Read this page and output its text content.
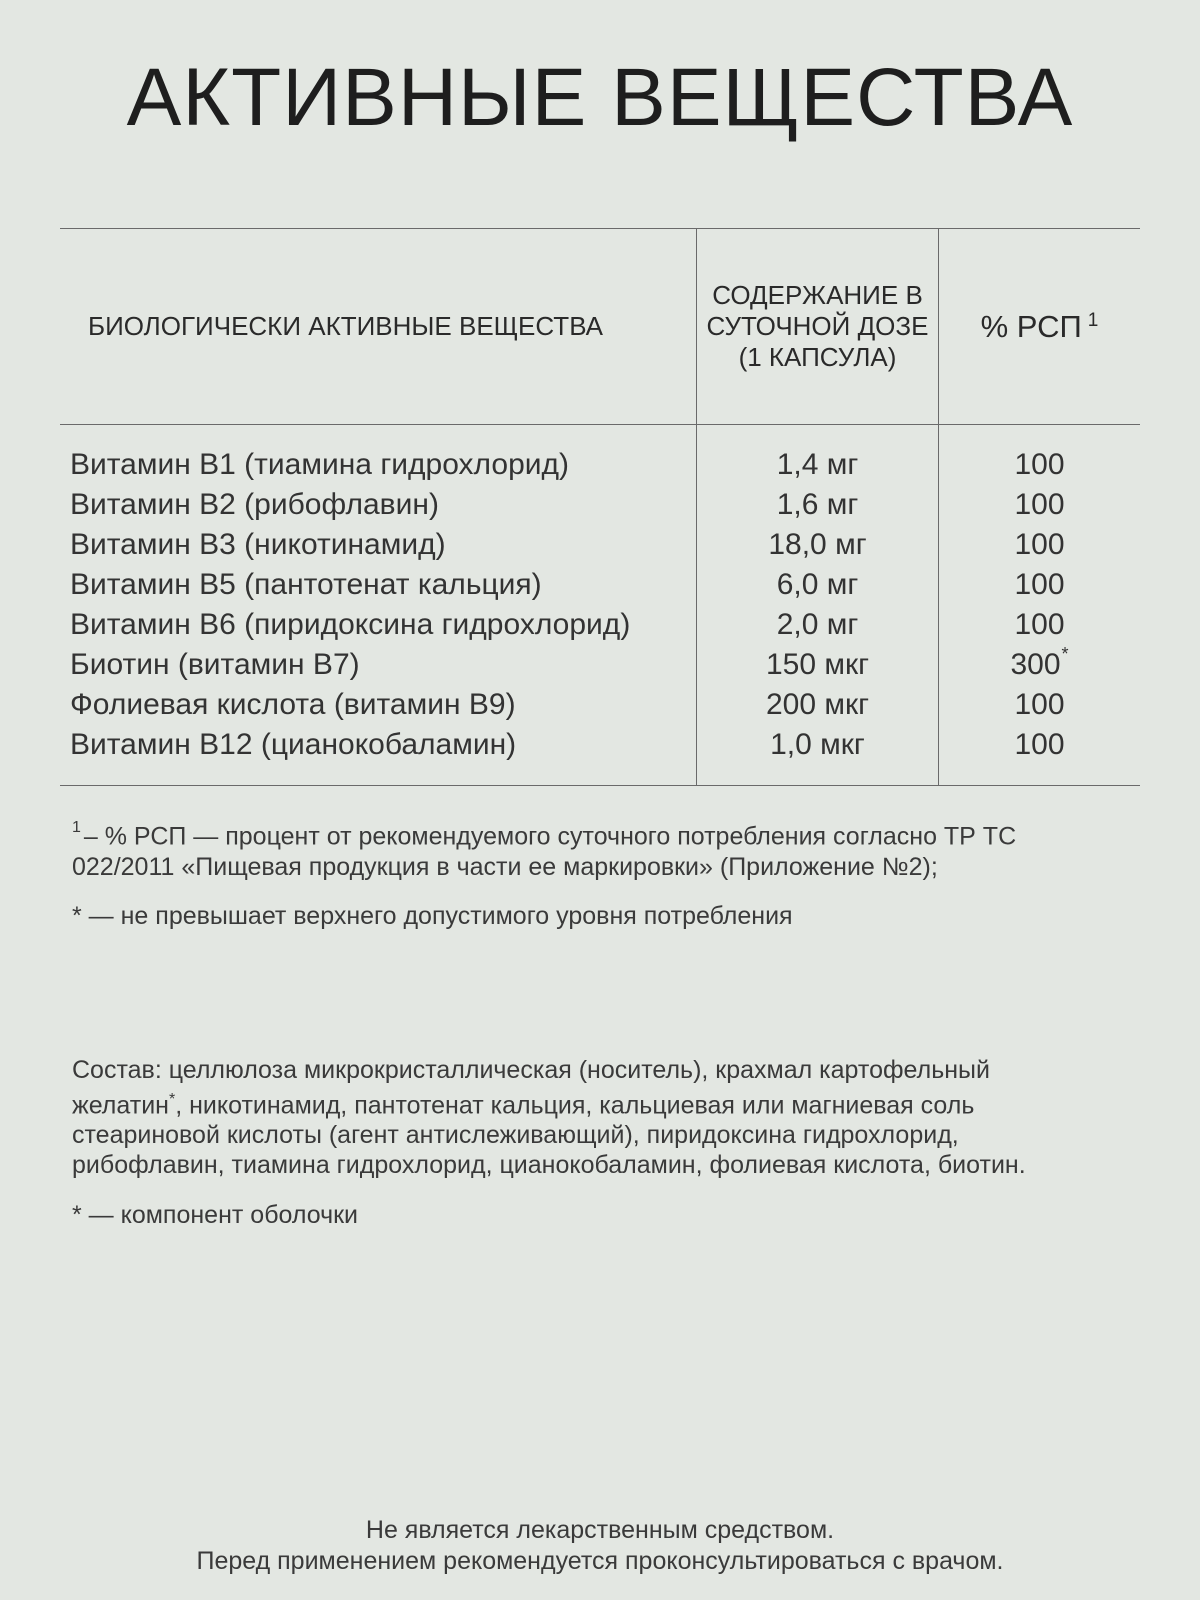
АКТИВНЫЕ ВЕЩЕСТВА
БИОЛОГИЧЕСКИ АКТИВНЫЕ ВЕЩЕСТВА
СОДЕРЖАНИЕ В
СУТОЧНОЙ ДОЗЕ
(1 КАПСУЛА)
% РСП $^1$
Витамин В1 (тиамина гидрохлорид)
Витамин В2 (рибофлавин)
Витамин В3 (никотинамид)
Витамин В5 (пантотенат кальция)
Витамин В6 (пиридоксина гидрохлорид)
Биотин (витамин В7)
Фолиевая кислота (витамин В9)
Витамин В12 (цианокобаламин)
1,4 мг
1,6 мг
18,0 мг
6,0 мг
2,0 мг
150 мкг
200 мкг
1,0 мкг
100
100
100
100
100
300*
100
100

$^1$ – % РСП — процент от рекомендуемого суточного потребления согласно ТР ТС
022/2011 «Пищевая продукция в части ее маркировки» (Приложение №2);

* — не превышает верхнего допустимого уровня потребления

Состав: целлюлоза микрокристаллическая (носитель), крахмал картофельный
желатин*, никотинамид, пантотенат кальция, кальциевая или магниевая соль
стеариновой кислоты (агент антислеживающий), пиридоксина гидрохлорид,
рибофлавин, тиамина гидрохлорид, цианокобаламин, фолиевая кислота, биотин.

* — компонент оболочки

Не является лекарственным средством.

Перед применением рекомендуется проконсультироваться с врачом.
